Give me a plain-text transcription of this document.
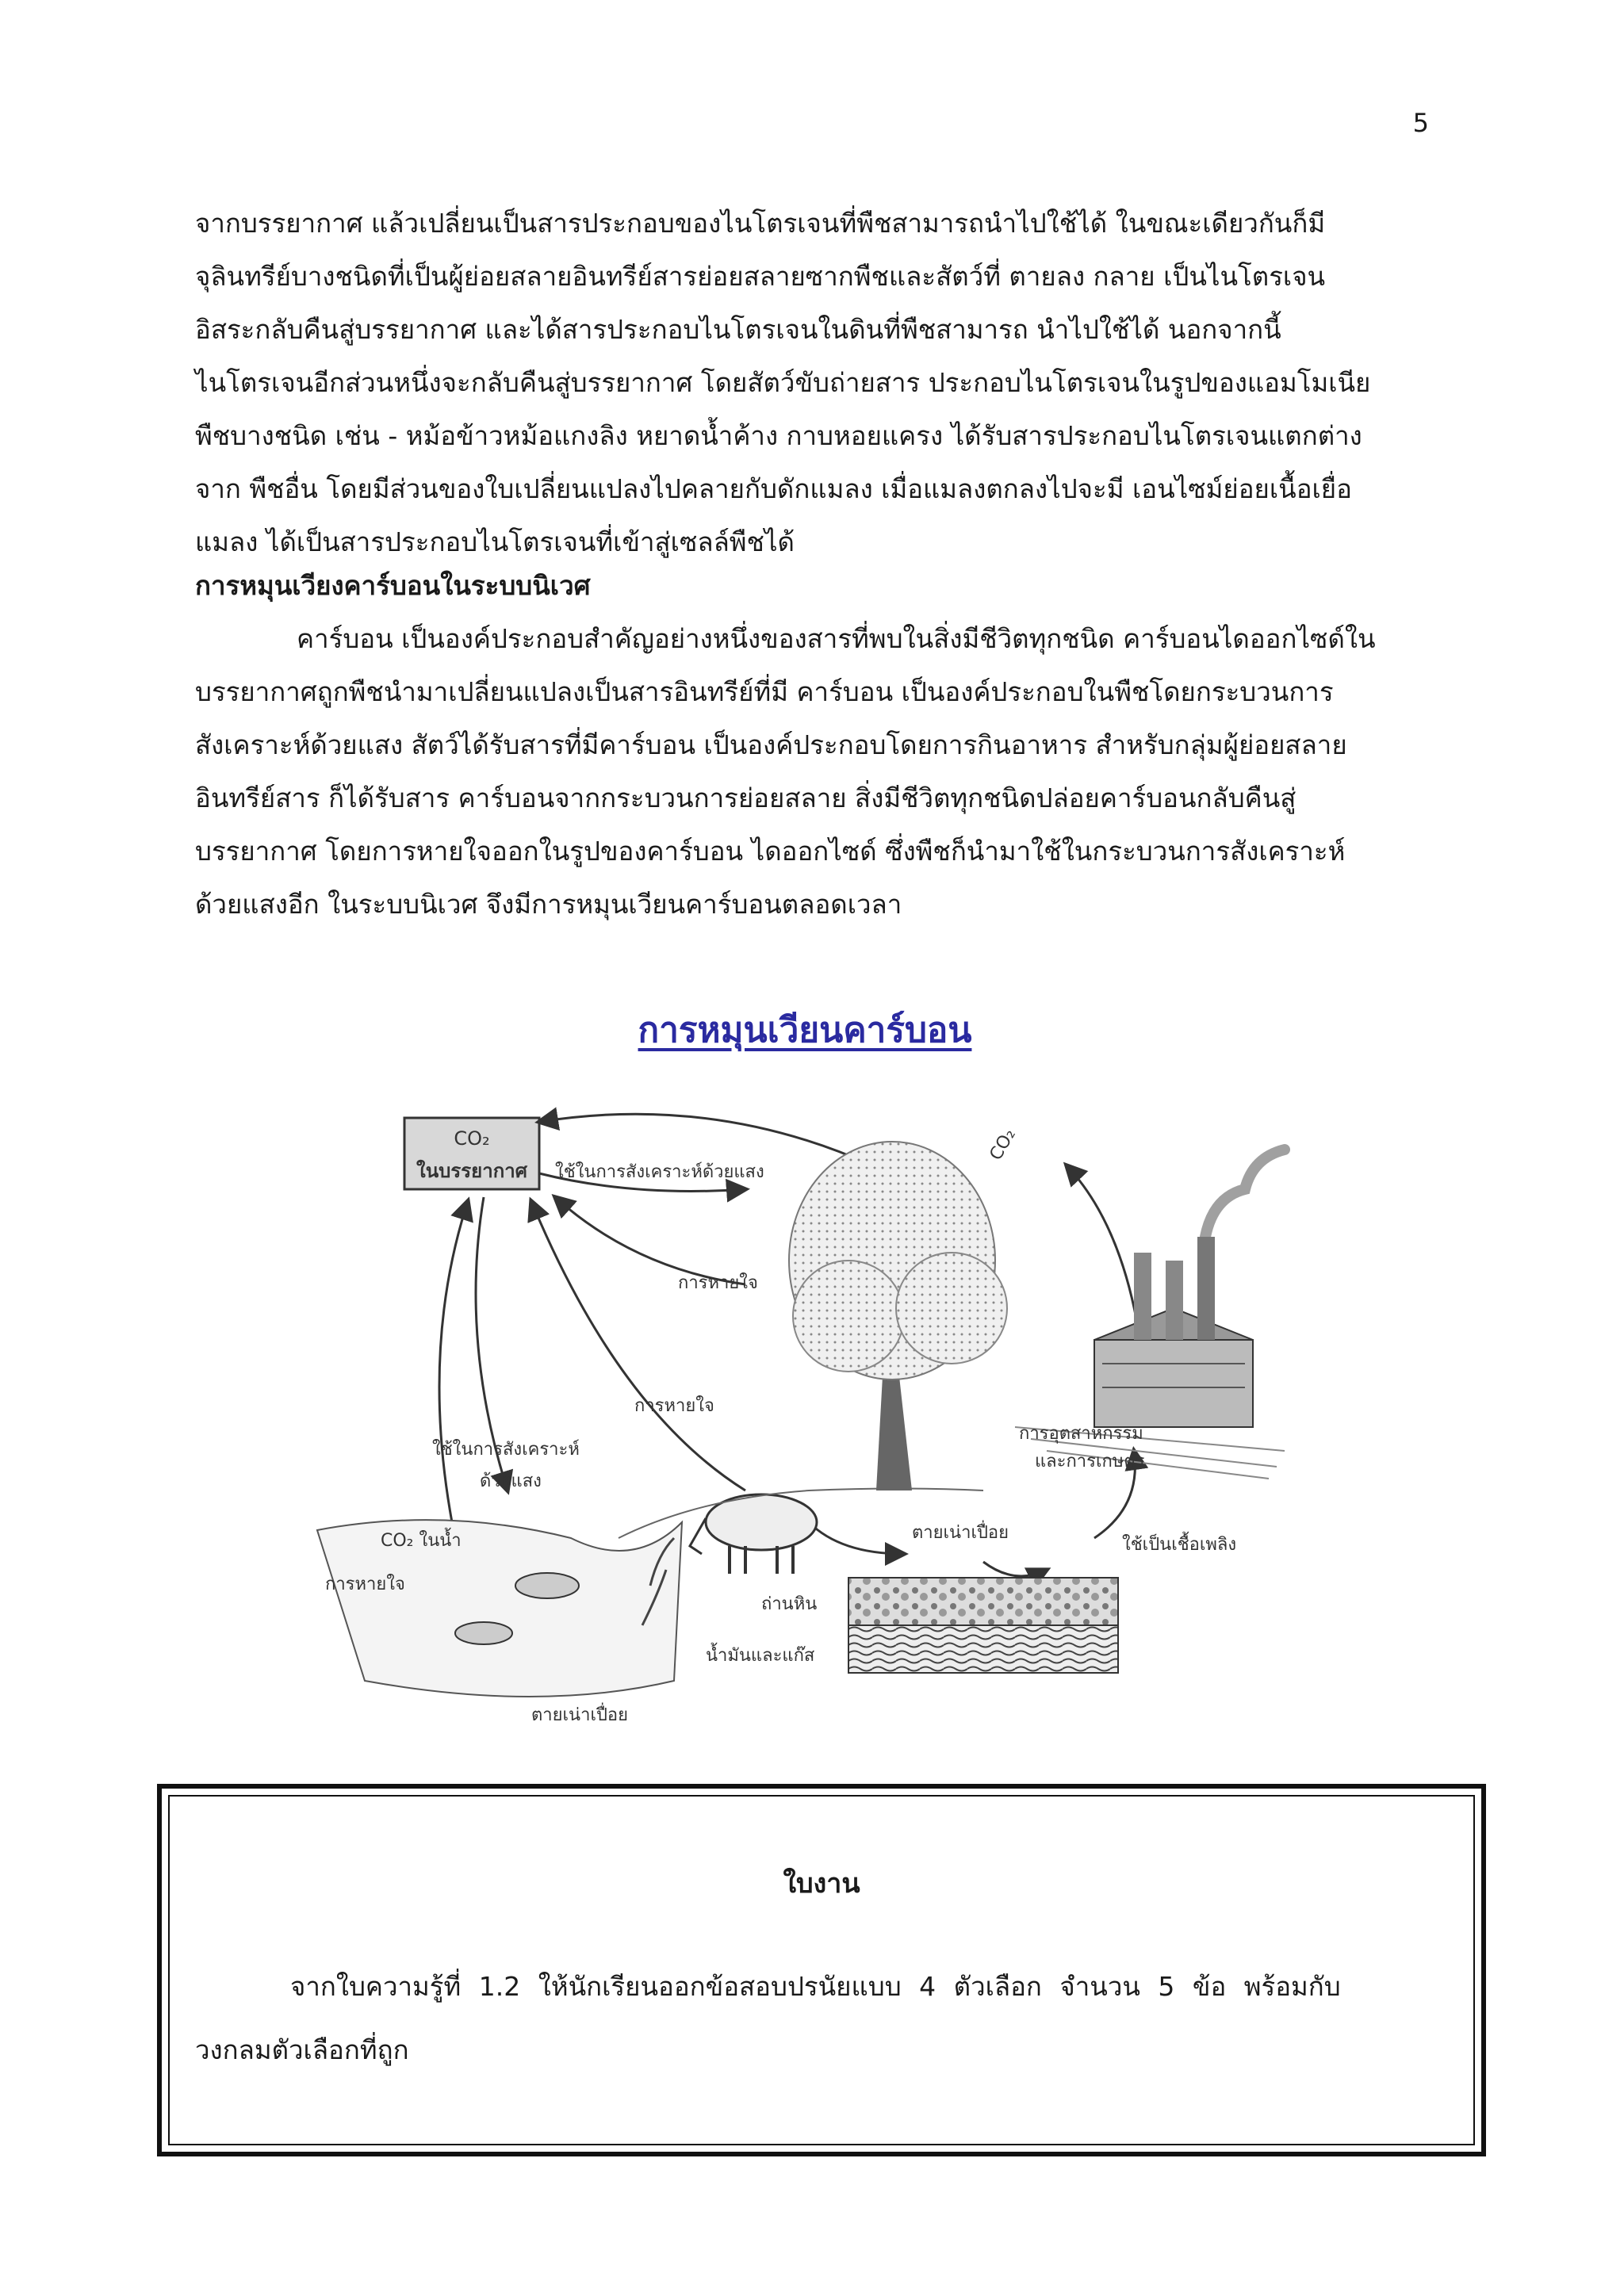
5

จากบรรยากาศ แล้วเปลี่ยนเป็นสารประกอบของไนโตรเจนที่พืชสามารถนำไปใช้ได้ ในขณะเดียวกันก็มี

จุลินทรีย์บางชนิดที่เป็นผู้ย่อยสลายอินทรีย์สารย่อยสลายซากพืชและสัตว์ที่ ตายลง กลาย เป็นไนโตรเจน

อิสระกลับคืนสู่บรรยากาศ และได้สารประกอบไนโตรเจนในดินที่พืชสามารถ นำไปใช้ได้ นอกจากนี้

ไนโตรเจนอีกส่วนหนึ่งจะกลับคืนสู่บรรยากาศ โดยสัตว์ขับถ่ายสาร ประกอบไนโตรเจนในรูปของแอมโมเนีย

พืชบางชนิด เช่น - หม้อข้าวหม้อแกงลิง หยาดน้ำค้าง กาบหอยแครง ได้รับสารประกอบไนโตรเจนแตกต่าง

จาก พืชอื่น โดยมีส่วนของใบเปลี่ยนแปลงไปคลายกับดักแมลง เมื่อแมลงตกลงไปจะมี เอนไซม์ย่อยเนื้อเยื่อ

แมลง ได้เป็นสารประกอบไนโตรเจนที่เข้าสู่เซลล์พืชได้

การหมุนเวียงคาร์บอนในระบบนิเวศ

คาร์บอน เป็นองค์ประกอบสำคัญอย่างหนึ่งของสารที่พบในสิ่งมีชีวิตทุกชนิด คาร์บอนไดออกไซด์ใน

บรรยากาศถูกพืชนำมาเปลี่ยนแปลงเป็นสารอินทรีย์ที่มี คาร์บอน เป็นองค์ประกอบในพืชโดยกระบวนการ

สังเคราะห์ด้วยแสง สัตว์ได้รับสารที่มีคาร์บอน เป็นองค์ประกอบโดยการกินอาหาร สำหรับกลุ่มผู้ย่อยสลาย

อินทรีย์สาร ก็ได้รับสาร คาร์บอนจากกระบวนการย่อยสลาย สิ่งมีชีวิตทุกชนิดปล่อยคาร์บอนกลับคืนสู่

บรรยากาศ โดยการหายใจออกในรูปของคาร์บอน ไดออกไซด์ ซึ่งพืชก็นำมาใช้ในกระบวนการสังเคราะห์

ด้วยแสงอีก ในระบบนิเวศ จึงมีการหมุนเวียนคาร์บอนตลอดเวลา

การหมุนเวียนคาร์บอน
CO₂
ในบรรยากาศ ใช้ในการสังเคราะห์ด้วยแสง
การหายใจ
CO₂
การหายใจ
ใช้ในการสังเคราะห์
ด้วยแสง
CO₂ ในน้ำ
การหายใจ
การอุตสาหกรรม
และการเกษตร
ตายเน่าเปื่อย
ใช้เป็นเชื้อเพลิง
ถ่านหิน
น้ำมันและแก๊ส
ตายเน่าเปื่อย
ใบงาน

จากใบความรู้ที่ 1.2 ให้นักเรียนออกข้อสอบปรนัยแบบ 4 ตัวเลือก จำนวน 5 ข้อ พร้อมกับ

วงกลมตัวเลือกที่ถูก
